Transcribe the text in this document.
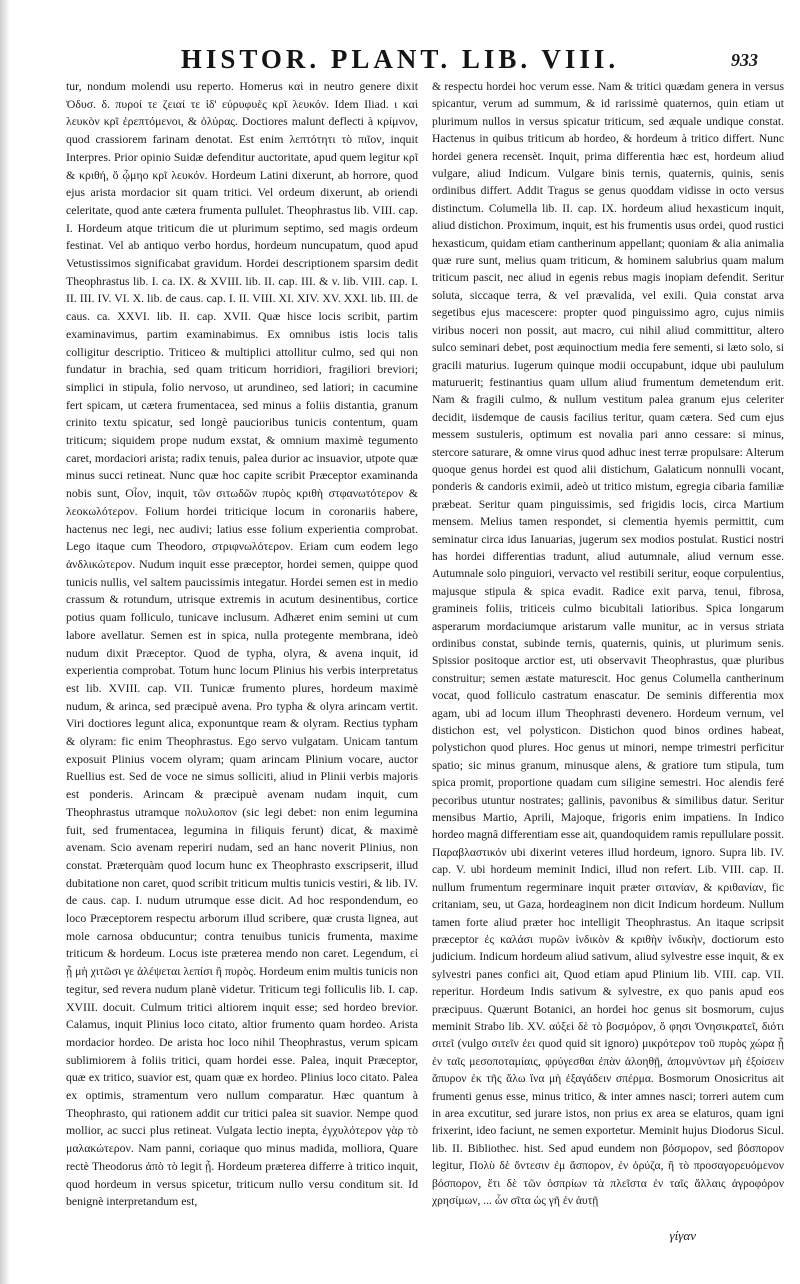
HISTOR. PLANT. LIB. VIII.	933

tur, nondum molendi usu reperto. Homerus καὶ in neutro genere dixit Ὀδυσ. δ. πυροί τε ζειαί τε ἰδ' εὐρυφυὲς κρῖ λευκόν. Idem Iliad. ι καὶ λευκὸν κρῖ ἐρεπτόμενοι, & ὀλύρας. Doctiores malunt deflecti à κρίμνον, quod crassiorem farinam denotat. Est enim λεπτότητι τὸ πιῖον, inquit Interpres. Prior opinio Suidæ defenditur auctoritate, apud quem legitur κρῖ & κριθή, ὅ ᾦμηο κρῖ λευκόν. Hordeum Latini dixerunt, ab horrore, quod ejus arista mordacior sit quam tritici. Vel ordeum dixerunt, ab oriendi celeritate, quod ante cætera frumenta pullulet. Theophrastus lib. VIII. cap. I. Hordeum atque triticum die ut plurimum septimo, sed magis ordeum festinat. Vel ab antiquo verbo hordus, hordeum nuncupatum, quod apud Vetustissimos significabat gravidum. Hordei descriptionem sparsim dedit Theophrastus lib. I. ca. IX. & XVIII. lib. II. cap. III. & v. lib. VIII. cap. I. II. III. IV. VI. X. lib. de caus. cap. I. II. VIII. XI. XIV. XV. XXI. lib. III. de caus. ca. XXVI. lib. II. cap. XVII. Quæ hisce locis scribit, partim examinavimus, partim examinabimus. Ex omnibus istis locis talis colligitur descriptio. Triticeo & multiplici attollitur culmo, sed qui non fundatur in brachia, sed quam triticum horridiori, fragiliori breviori; simplici in stipula, folio nervoso, ut arundineo, sed latiori; in cacumine fert spicam, ut cætera frumentacea, sed minus a foliis distantia, granum crinito textu spicatur, sed longè paucioribus tunicis contentum, quam triticum; siquidem prope nudum exstat, & omnium maximè tegumento caret, mordaciori arista; radix tenuis, palea durior ac insuavior, utpote quæ minus succi retineat. Nunc quæ hoc capite scribit Præceptor examinanda nobis sunt, Οἷον, inquit, τῶν σιτωδῶν πυρὸς κριθὴ στφανωτότερον & λεοκωλότερον. Folium hordei triticique locum in coronariis habere, hactenus nec legi, nec audivi; latius esse folium experientia comprobat. Lego itaque cum Theodoro, στριφνωλότερον. Eriam cum eodem lego ἀνδλικώτερον. Nudum inquit esse præceptor, hordei semen, quippe quod tunicis nullis, vel saltem paucissimis integatur. Hordei semen est in medio crassum & rotundum, utrisque extremis in acutum desinentibus, cortice potius quam folliculo, tunicave inclusum. Adhæret enim semini ut cum labore avellatur. Semen est in spica, nulla protegente membrana, ideò nudum dixit Præceptor. Quod de typha, olyra, & avena inquit, id experientia comprobat. Totum hunc locum Plinius his verbis interpretatus est lib. XVIII. cap. VII. Tunicæ frumento plures, hordeum maximè nudum, & arinca, sed præcipuè avena. Pro typha & olyra arincam vertit. Viri doctiores legunt alica, exponuntque ream & olyram. Rectius typham & olyram: fic enim Theophrastus. Ego servo vulgatam. Unicam tantum exposuit Plinius vocem olyram; quam arincam Plinium vocare, auctor Ruellius est. Sed de voce ne simus solliciti, aliud in Plinii verbis majoris est ponderis. Arincam & præcipuè avenam nudam inquit, cum Theophrastus utramque πολυλοπον (sic legi debet: non enim legumina fuit, sed frumentacea, legumina in filiquis ferunt) dicat, & maximè avenam. Scio avenam reperiri nudam, sed an hanc noverit Plinius, non constat. Præterquàm quod locum hunc ex Theophrasto exscripserit, illud dubitatione non caret, quod scribit triticum multis tunicis vestiri, & lib. IV. de caus. cap. I. nudum utrumque esse dicit. Ad hoc respondendum, eo loco Præceptorem respectu arborum illud scribere, quæ crusta lignea, aut mole carnosa obducuntur; contra tenuibus tunicis frumenta, maxime triticum & hordeum. Locus iste præterea mendo non caret. Legendum, εἰ ᾗ μὴ χιτῶσι γε ἀλέψεται λεπίσι ἢ πυρὸς. Hordeum enim multis tunicis non tegitur, sed revera nudum planè videtur. Triticum tegi folliculis lib. I. cap. XVIII. docuit. Culmum tritici altiorem inquit esse; sed hordeo brevior. Calamus, inquit Plinius loco citato, altior frumento quam hordeo. Arista mordacior hordeo. De arista hoc loco nihil Theophrastus, verum spicam sublimiorem à foliis tritici, quam hordei esse. Palea, inquit Præceptor, quæ ex tritico, suavior est, quam quæ ex hordeo. Plinius loco citato. Palea ex optimis, stramentum vero nullum comparatur. Hæc quantum à Theophrasto, qui rationem addit cur tritici palea sit suavior. Nempe quod mollior, ac succi plus retineat. Vulgata lectio inepta, ἐγχυλότερον γὰρ τὸ μαλακώτερον. Nam panni, coriaque quo minus madida, molliora, Quare rectè Theodorus ἀπὸ τὸ legit ᾗ. Hordeum præterea differre à tritico inquit, quod hordeum in versus spicetur, triticum nullo versu conditum sit. Id benignè interpretandum est,

& respectu hordei hoc verum esse. Nam & tritici quædam genera in versus spicantur, verum ad summum, & id rarissimè quaternos, quin etiam ut plurimum nullos in versus spicatur triticum, sed æquale undique constat. Hactenus in quibus triticum ab hordeo, & hordeum à tritico differt. Nunc hordei genera recensèt. Inquit, prima differentia hæc est, hordeum aliud vulgare, aliud Indicum. Vulgare binis ternis, quaternis, quinis, senis ordinibus differt. Addit Tragus se genus quoddam vidisse in octo versus distinctum. Columella lib. II. cap. IX. hordeum aliud hexasticum inquit, aliud distichon. Proximum, inquit, est his frumentis usus ordei, quod rustici hexasticum, quidam etiam cantherinum appellant; quoniam & alia animalia quæ rure sunt, melius quam triticum, & hominem salubrius quam malum triticum pascit, nec aliud in egenis rebus magis inopiam defendit. Seritur soluta, siccaque terra, & vel prævalida, vel exili. Quia constat arva segetibus ejus macescere: propter quod pinguissimo agro, cujus nimiis viribus noceri non possit, aut macro, cui nihil aliud committitur, altero sulco seminari debet, post æquinoctium media fere sementi, si læto solo, si gracili maturius. Iugerum quinque modii occupabunt, idque ubi paululum maturuerit; festinantius quam ullum aliud frumentum demetendum erit. Nam & fragili culmo, & nullum vestitum palea granum ejus celeriter decidit, iisdemque de causis facilius teritur, quam cætera. Sed cum ejus messem sustuleris, optimum est novalia pari anno cessare: si minus, stercore saturare, & omne virus quod adhuc inest terræ propulsare: Alterum quoque genus hordei est quod alii distichum, Galaticum nonnulli vocant, ponderis & candoris eximii, adeò ut tritico mistum, egregia cibaria familiæ præbeat. Seritur quam pinguissimis, sed frigidis locis, circa Martium mensem. Melius tamen respondet, si clementia hyemis permittit, cum seminatur circa idus Ianuarias, jugerum sex modios postulat. Rustici nostri has hordei differentias tradunt, aliud autumnale, aliud vernum esse. Autumnale solo pinguiori, vervacto vel restibili seritur, eoque corpulentius, majusque stipula & spica evadit. Radice exit parva, tenui, fibrosa, gramineis foliis, triticeis culmo bicubitali latioribus. Spica longarum asperarum mordaciumque aristarum valle munitur, ac in versus striata ordinibus constat, subinde ternis, quaternis, quinis, ut plurimum senis. Spissior positoque arctior est, uti observavit Theophrastus, quæ pluribus construitur; semen æstate maturescit. Hoc genus Columella cantherinum vocat, quod folliculo castratum enascatur. De seminis differentia mox agam, ubi ad locum illum Theophrasti devenero. Hordeum vernum, vel distichon est, vel polysticon. Distichon quod binos ordines habeat, polystichon quod plures. Hoc genus ut minori, nempe trimestri perficitur spatio; sic minus granum, minusque alens, & gratiore tum stipula, tum spica promit, proportione quadam cum siligine semestri. Hoc alendis feré pecoribus utuntur nostrates; gallinis, pavonibus & similibus datur. Seritur mensibus Martio, Aprili, Majoque, frigoris enim impatiens. In Indico hordeo magnâ differentiam esse ait, quandoquidem ramis repullulare possit. Παραβλαστικόν ubi dixerint veteres illud hordeum, ignoro. Supra lib. IV. cap. V. ubi hordeum meminit Indici, illud non refert. Lib. VIII. cap. II. nullum frumentum regerminare inquit præter σιτανίαν, & κριθανίαν, fic critaniam, seu, ut Gaza, hordeaginem non dicit Indicum hordeum. Nullum tamen forte aliud præter hoc intelligit Theophrastus. An itaque scripsit præceptor ἐς καλάσι πυρῶν ἰνδικὸν & κριθὴν ἰνδικὴν, doctiorum esto judicium. Indicum hordeum aliud sativum, aliud sylvestre esse inquit, & ex sylvestri panes confici ait, Quod etiam apud Plinium lib. VIII. cap. VII. reperitur. Hordeum Indis sativum & sylvestre, ex quo panis apud eos præcipuus. Quærunt Botanici, an hordei hoc genus sit bosmorum, cujus meminit Strabo lib. XV. αὐξεὶ δὲ τὸ βοσμόρον, ὅ φησι Ὀνησικρατεῖ, διότι σιτεῖ (vulgo σιτεῖν ἐει quod quid sit ignoro) μικρότερον τοῦ πυρὸς χώρα ᾗ ἐν ταῖς μεσοποταμίαις, φρύγεσθαι ἐπὰν ἀλοηθῇ, ἀπομνύντων μὴ ἐξοίσειν ἄπυρον ἐκ τῆς ἅλω ἵνα μὴ ἐξαγάδειν σπέρμα. Bosmorum Onosicritus ait frumenti genus esse, minus tritico, & inter amnes nasci; torreri autem cum in area excutitur, sed jurare istos, non prius ex area se elaturos, quam igni frixerint, ideo faciunt, ne semen exportetur. Meminit hujus Diodorus Sicul. lib. II. Bibliothec. hist. Sed apud eundem non βόσμορον, sed βόσπορον legitur, Πολὺ δὲ ὄντεσιν ἐμ ἄσπορον, ἐν ὀρύζα, ἢ τὸ προσαγορευόμενον βόσπορον, ἔτι δὲ τῶν ὀσπρίων τὰ πλεῖστα ἐν ταῖς ἄλλαις ἀγροφόρον χρησίμων, ... ὧν σῖτα ὡς γῆ ἐν ἀυτῇ

γίγαν
